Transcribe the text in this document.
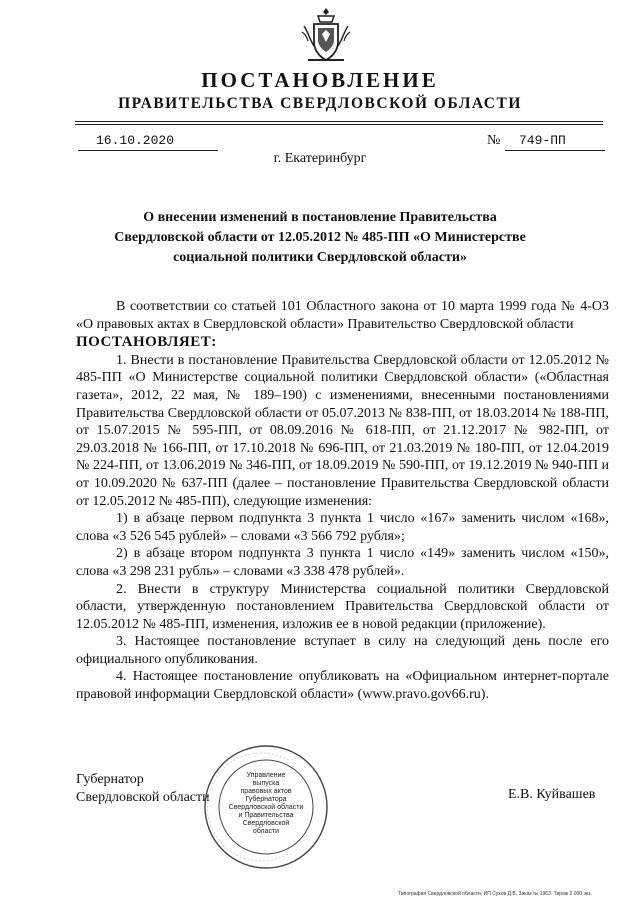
ПОСТАНОВЛЕНИЕ
ПРАВИТЕЛЬСТВА СВЕРДЛОВСКОЙ ОБЛАСТИ
16.10.2020	№	749-ПП
г. Екатеринбург
О внесении изменений в постановление Правительства Свердловской области от 12.05.2012 № 485-ПП «О Министерстве социальной политики Свердловской области»

В соответствии со статьей 101 Областного закона от 10 марта 1999 года № 4-ОЗ «О правовых актах в Свердловской области» Правительство Свердловской области

ПОСТАНОВЛЯЕТ:

1. Внести в постановление Правительства Свердловской области от 12.05.2012 № 485-ПП «О Министерстве социальной политики Свердловской области» («Областная газета», 2012, 22 мая, № 189–190) с изменениями, внесенными постановлениями Правительства Свердловской области от 05.07.2013 № 838-ПП, от 18.03.2014 № 188-ПП, от 15.07.2015 № 595-ПП, от 08.09.2016 № 618-ПП, от 21.12.2017 № 982-ПП, от 29.03.2018 № 166-ПП, от 17.10.2018 № 696-ПП, от 21.03.2019 № 180-ПП, от 12.04.2019 № 224-ПП, от 13.06.2019 № 346-ПП, от 18.09.2019 № 590-ПП, от 19.12.2019 № 940-ПП и от 10.09.2020 № 637-ПП (далее – постановление Правительства Свердловской области от 12.05.2012 № 485-ПП), следующие изменения:

1) в абзаце первом подпункта 3 пункта 1 число «167» заменить числом «168», слова «3 526 545 рублей» – словами «3 566 792 рубля»;

2) в абзаце втором подпункта 3 пункта 1 число «149» заменить числом «150», слова «3 298 231 рубль» – словами «3 338 478 рублей».

2. Внести в структуру Министерства социальной политики Свердловской области, утвержденную постановлением Правительства Свердловской области от 12.05.2012 № 485-ПП, изменения, изложив ее в новой редакции (приложение).

3. Настоящее постановление вступает в силу на следующий день после его официального опубликования.

4. Настоящее постановление опубликовать на «Официальном интернет-портале правовой информации Свердловской области» (www.pravo.gov66.ru).

Губернатор
Свердловской области	Е.В. Куйвашев
Управление
выпуска
правовых актов
Губернатора
Свердловской области
и Правительства
Свердловской
области
Типография Свердловской области, ИП Сухов Д.В. Заказ № 1963. Тираж 2 000 экз.
